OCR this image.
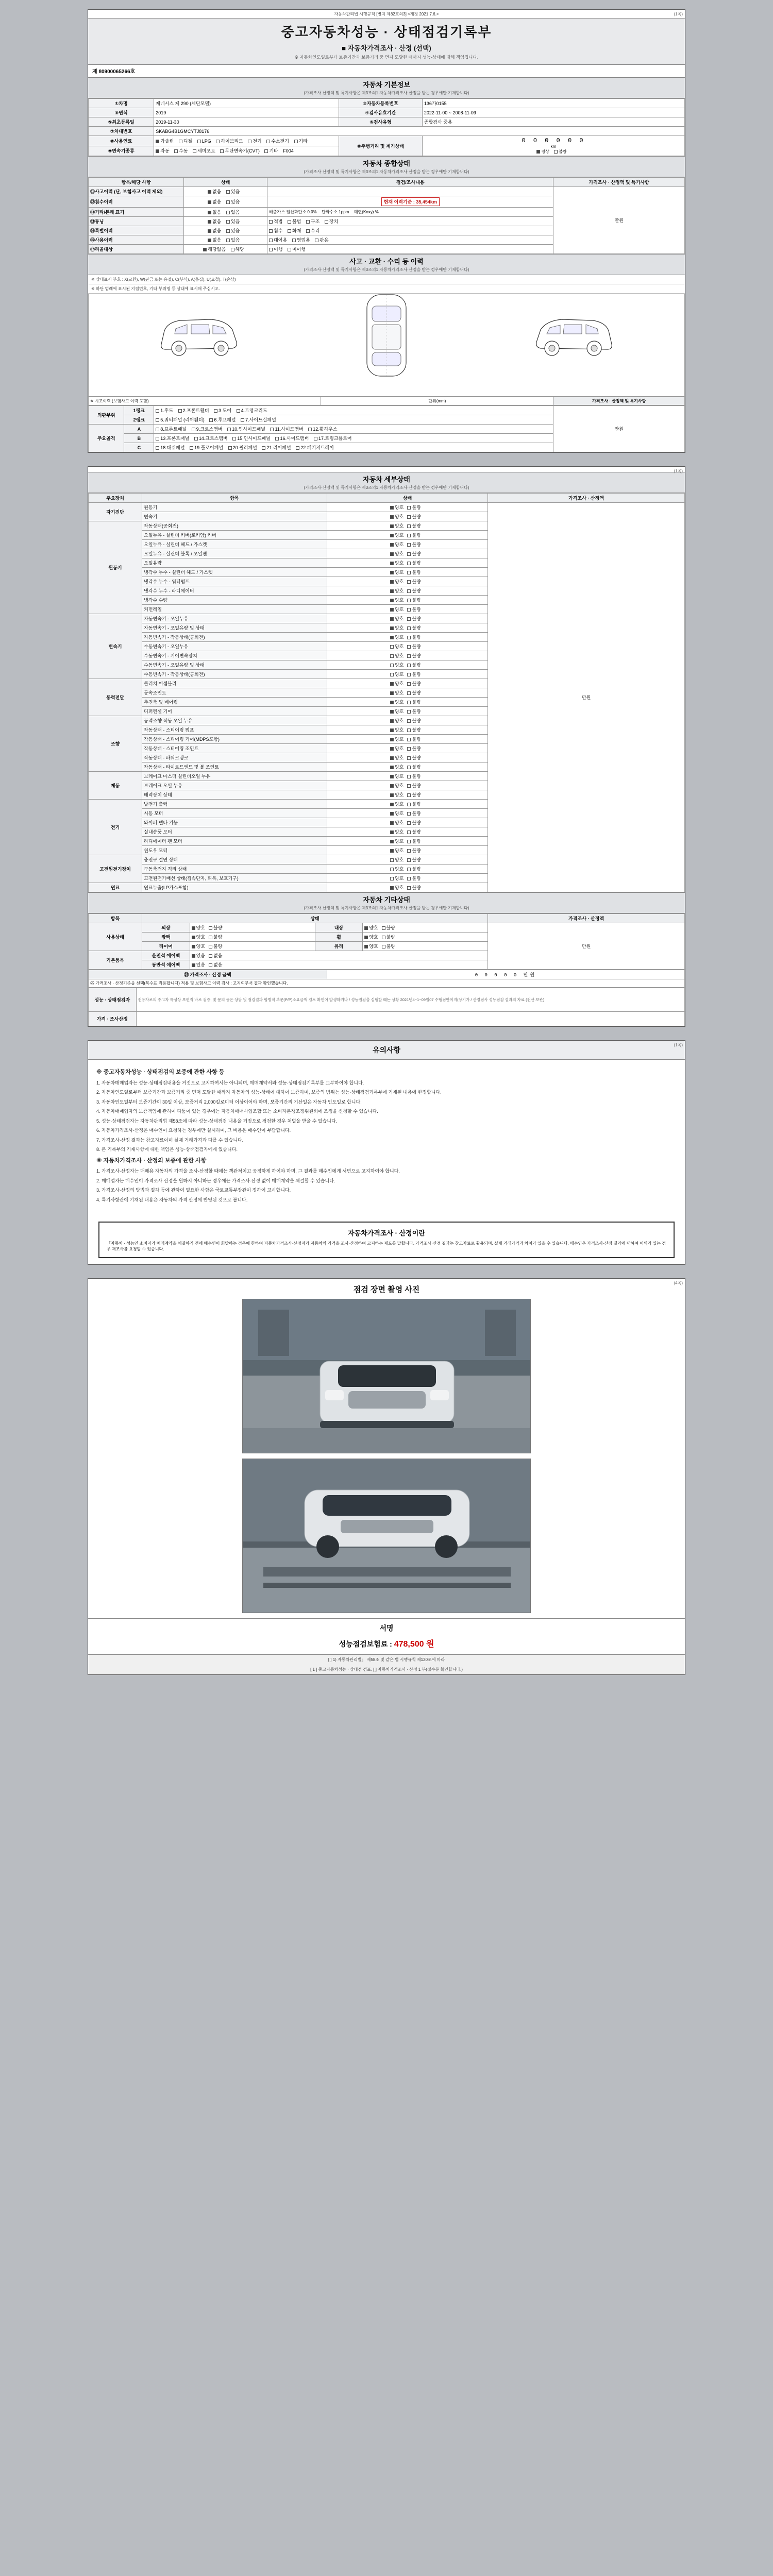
자동차관리법 시행규칙 [별지 제82호의3] <개정 2021.7.6.>	(1쪽)
중고자동차성능 · 상태점검기록부
■ 자동차가격조사 · 산정 (선택)
※ 자동차인도일로부터 보증기간과 보증거리 중 먼저 도달한 때까지 성능·상태에 대해 책임집니다.
제 80900065266호
자동차 기본정보
(가격조사·산정액 및 특기사항은 제3조의1 자동차가격조사·산정을 받는 경우에만 기재합니다)
①차명	제네시스 제 290 (세단모델)	②자동차등록번호	136가0155
③연식	2019	④검사유효기간	2022-11-00 ~ 2008-11-09
⑤최초등록일	2019-11-30	⑥검사유형	종합검사 중용
⑦차대번호	SKABG4B1GMCYTJ8176		
⑧사용연료	가솔린 디젤 LPG 하이브리드 전기 수소전기 기타	⑩주행거리 및 계기상태	0 0 0 0 0 0
km
정상 불량

⑨변속기종류	자동 수동 세미오토 무단변속기(CVT) 기타 F004		
자동차 종합상태
(가격조사·산정액 및 특기사항은 제3조의1 자동차가격조사·산정을 받는 경우에만 기재합니다)
항목/해당 사항	상태	점검/조사내용	가격조사 · 산정액 및 특기사항
⑪사고이력 (단, 보험사고 이력 제외)	없음 있음		만원
⑫침수이력	없음 있음	현재 이력기준 : 35,454km	
⑬기타/본래 표기	없음 있음	배출가스 일산화탄소 0.0% 탄화수소 1ppm 매연(Koxy) %	
⑬튜닝	없음 있음	적법 불법 구조 장치	
⑭특별이력	없음 있음	침수 화재 수리	
⑮사용이력	없음 있음	대여용 영업용 관용	
⑰리콜대상	해당없음 해당	이행 미이행	
사고 · 교환 · 수리 등 이력
(가격조사·산정액 및 특기사항은 제3조의1 자동차가격조사·산정을 받는 경우에만 기재합니다)
※ 상태표시 부호 : X(교환), W(판금 또는 용접), C(부식), A(흠집), U(요철), T(손상)
※ 하단 범례에 표시된 지점번호, 기타 부위명 등 상태에 표시해 주십시오.
※ 시고이력 (보험사고 이력 포함)	단위(mm)	가격조사 · 산정액 및 특기사항
외판부위	1랭크	1.후드 2.프론트휀더 3.도어 4.트렁크리드	만원
	2랭크	5.쿼터패널 (리어휀더) 6.루프패널 7.사이드실패널	
주요골격	A	8.프론트패널 9.크로스맴버 10.인사이드패널 11.사이드맴버 12.휠하우스	
	B	13.프론트패널 14.크로스맴버 15.인사이드패널 16.사이드맴버 17.트렁크플로어	
	C	18.대쉬패널 19.플로어패널 20.필러패널 21.리어패널 22.패키지트레이	
(1쪽)
자동차 세부상태
(가격조사·산정액 및 특기사항은 제3조의1 자동차가격조사·산정을 받는 경우에만 기재합니다)
주요장치	항목	상태	가격조사 · 산정액
자기진단	원동기	양호 불량	만원
	변속기	양호 불량	
원동기	작동상태(공회전)	양호 불량	
	오일누유 - 실린더 커버(로커암) 커버	양호 불량	
	오일누유 - 실린더 헤드 / 가스켓	양호 불량	
	오일누유 - 실린더 블록 / 오일팬	양호 불량	
	오일유량	양호 불량	
	냉각수 누수 - 실린더 헤드 / 가스켓	양호 불량	
	냉각수 누수 - 워터펌프	양호 불량	
	냉각수 누수 - 라디에이터	양호 불량	
	냉각수 수량	양호 불량	
	커먼레일	양호 불량	
변속기	자동변속기 - 오일누유	양호 불량	
	자동변속기 - 오일유량 및 상태	양호 불량	
	자동변속기 - 작동상태(공회전)	양호 불량	
	수동변속기 - 오일누유	양호 불량	
	수동변속기 - 기어변속장치	양호 불량	
	수동변속기 - 오일유량 및 상태	양호 불량	
	수동변속기 - 작동상태(공회전)	양호 불량	
동력전달	클러치 어셈블리	양호 불량	
	등속조인트	양호 불량	
	추진축 및 베어링	양호 불량	
	디퍼렌셜 기어	양호 불량	
조향	동력조향 작동 오일 누유	양호 불량	
	작동상태 - 스티어링 펌프	양호 불량	
	작동상태 - 스티어링 기어(MDPS포함)	양호 불량	
	작동상태 - 스티어링 조인트	양호 불량	
	작동상태 - 파워크랭크	양호 불량	
	작동상태 - 타이로드엔드 및 볼 조인트	양호 불량	
제동	브레이크 마스터 실린더오일 누유	양호 불량	
	브레이크 오일 누유	양호 불량	
	배력장치 상태	양호 불량	
전기	발전기 출력	양호 불량	
	시동 모터	양호 불량	
	와이퍼 델타 기능	양호 불량	
	실내송풍 모터	양호 불량	
	라디에이터 팬 모터	양호 불량	
	윈도우 모터	양호 불량	
고전원전기장치	충전구 절연 상태	양호 불량	
	구동축전지 격리 상태	양호 불량	
	고전원전기배선 상태(접속단자, 피복, 보호기구)	양호 불량	
연료	연료누출(LP가스포함)	양호 불량	
자동차 기타상태
(가격조사·산정액 및 특기사항은 제3조의1 자동차가격조사·산정을 받는 경우에만 기재합니다)
항목	상태				가격조사 · 산정액
사용상태	외장	양호 불량	내장	양호 불량	만원
	광택	양호 불량	휠	양호 불량	
	타이어	양호 불량	유리	양호 불량	
기본품목	운전석 에어백	있음 없음			
	동반석 에어백	있음 없음			
㉔ 가격조사 · 산정 금액	0 0 0 0 0 만원
㉕ 가격조사 · 산정기준을 선택(복수표 적용합니다) 적용 및 보험사고 이력 검사 : 고지의무서 결과 확인했습니다.
성능 · 상태점검자	전용차로의 중고차 특성상 보편적 바로 검증, 및 문의 등은 상담 및 점검결과 합병적 부문(P/P)소요금액 검토 확인이 발생하거나 / 성능점검을 실행할 때는 상황 2021년4~1~09일07 수행점안이지(상기가 / 산정점사 성능점검 결과의 자료 (전산 보관)
가격 · 조사산정	
(1쪽)
유의사항
※ 중고자동차성능 · 상태점검의 보증에 관한 사항 등

1. 자동차매매업자는 성능·상태점검내용을 거짓으로 고지하여서는 아니되며, 매매계약서와 성능·상태점검기록부를 교부하여야 합니다.

2. 자동차인도일로부터 보증기간과 보증거리 중 먼저 도달한 때까지 자동차의 성능·상태에 대하여 보증하며, 보증의 범위는 성능·상태점검기록부에 기재된 내용에 한정합니다.

3. 자동차인도일부터 보증기간이 30일 이상, 보증거리 2,000킬로미터 이상이어야 하며, 보증기간의 기산일은 자동차 인도일로 합니다.

4. 자동차매매업자의 보증책임에 관하여 다툼이 있는 경우에는 자동차매매사업조합 또는 소비자분쟁조정위원회에 조정을 신청할 수 있습니다.

5. 성능·상태점검자는 자동차관리법 제58조에 따라 성능·상태점검 내용을 거짓으로 점검한 경우 처벌을 받을 수 있습니다.

6. 자동차가격조사·산정은 매수인이 요청하는 경우에만 실시하며, 그 비용은 매수인이 부담합니다.

7. 가격조사·산정 결과는 참고자료이며 실제 거래가격과 다를 수 있습니다.

8. 본 기록부의 기재사항에 대한 책임은 성능·상태점검자에게 있습니다.

※ 자동차가격조사 · 산정의 보증에 관한 사항

1. 가격조사·산정자는 매매용 자동차의 가격을 조사·산정할 때에는 객관적이고 공정하게 하여야 하며, 그 결과를 매수인에게 서면으로 고지하여야 합니다.

2. 매매업자는 매수인이 가격조사·산정을 원하지 아니하는 경우에는 가격조사·산정 없이 매매계약을 체결할 수 있습니다.

3. 가격조사·산정의 방법과 절차 등에 관하여 필요한 사항은 국토교통부장관이 정하여 고시합니다.

4. 특기사항란에 기재된 내용은 자동차의 가격 산정에 반영된 것으로 봅니다.

자동차가격조사 · 산정이란
「자동차 · 성능연 소비자가 매매계약을 체결하기 전에 매수인이 희망하는 경우에 한하여 자동차가격조사·산정자가 자동차의 가격을 조사·산정하여 고지하는 제도를 말합니다. 가격조사·산정 결과는 참고자료로 활용되며, 실제 거래가격과 차이가 있을 수 있습니다. 매수인은 가격조사·산정 결과에 대하여 이의가 있는 경우 재조사를 요청할 수 있습니다.
(4쪽)
점검 장면 촬영 사진
서명
성능점검보험료 : 478,500 원
[ ] 1) 자동차관리법」 제58조 및 같은 법 시행규칙 제120조에 따라
[ 1 ] 중고자동차성능 · 상태점 검표, [ ] 자동차가격조사 · 산정 1 부(접수분 확인합니다.)
